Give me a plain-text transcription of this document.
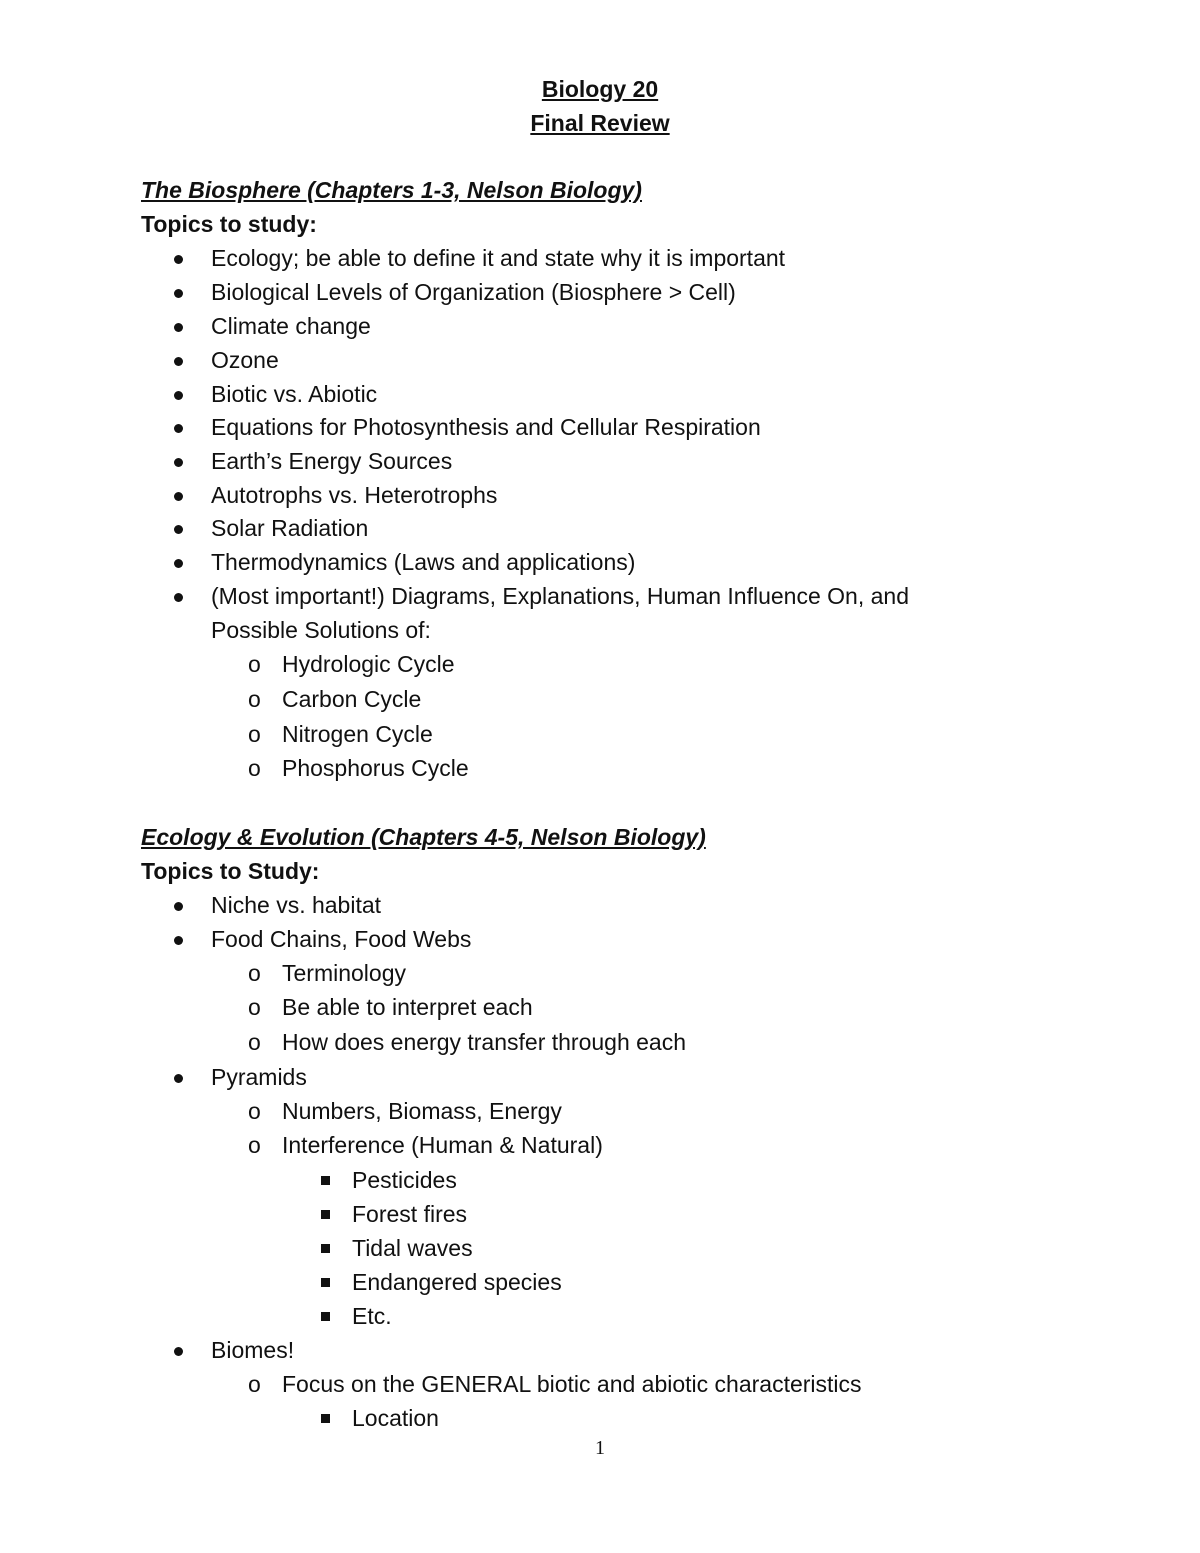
Biology 20
Final Review
The Biosphere (Chapters 1-3, Nelson Biology)
Topics to study:
Ecology; be able to define it and state why it is important
Biological Levels of Organization (Biosphere > Cell)
Climate change
Ozone
Biotic vs. Abiotic
Equations for Photosynthesis and Cellular Respiration
Earth’s Energy Sources
Autotrophs vs. Heterotrophs
Solar Radiation
Thermodynamics (Laws and applications)
(Most important!) Diagrams, Explanations, Human Influence On, and
Possible Solutions of:
o Hydrologic Cycle
o Carbon Cycle
o Nitrogen Cycle
o Phosphorus Cycle
Ecology & Evolution (Chapters 4-5, Nelson Biology)
Topics to Study:
Niche vs. habitat
Food Chains, Food Webs
o Terminology
o Be able to interpret each
o How does energy transfer through each
Pyramids
o Numbers, Biomass, Energy
o Interference (Human & Natural)
Pesticides
Forest fires
Tidal waves
Endangered species
Etc.
Biomes!
o Focus on the GENERAL biotic and abiotic characteristics
Location
1
